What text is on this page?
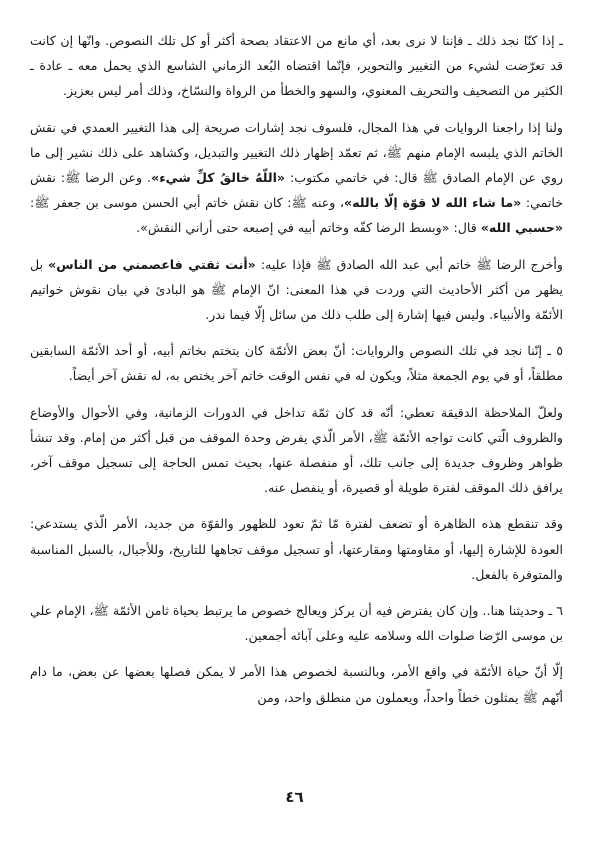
ـ إذا كنّا نجد ذلك ـ فإننا لا نرى بعد، أي مانع من الاعتقاد بصحة أكثر أو كل تلك النصوص. وانّها إن كانت قد تعرّضت لشيء من التغيير والتحوير، فإنّما اقتضاه البُعد الزماني الشاسع الذي يحمل معه ـ عادة ـ الكثير من التصحيف والتحريف المعنوي، والسهو والخطأ من الرواة والنسّاخ، وذلك أمر ليس بعزيز.

ولنا إذا راجعنا الروايات في هذا المجال، فلسوف نجد إشارات صريحة إلى هذا التغيير العمدي في نقش الخاتم الذي يلبسه الإمام منهم ﷺ، ثم تعمّد إظهار ذلك التغيير والتبديل، وكشاهد على ذلك نشير إلى ما روي عن الإمام الصادق ﷺ قال: في خاتمي مكتوب: «اللّهُ خالقُ كلِّ شيء». وعن الرضا ﷺ: نقش خاتمي: «ما شاء الله لا قوّة إلّا بالله»، وعنه ﷺ: كان نقش خاتم أبي الحسن موسى بن جعفر ﷺ: «حسبي الله» قال: «وبسط الرضا كفّه وخاتم أبيه في إصبعه حتى أراني النقش».

وأخرج الرضا ﷺ خاتم أبي عبد الله الصادق ﷺ فإذا عليه: «أنت ثقتي فاعصمني من الناس» بل يظهر من أكثر الأحاديث التي وردت في هذا المعنى: انّ الإمام ﷺ هو البادئ في بيان نقوش خواتيم الأئمّة والأنبياء. وليس فيها إشارة إلى طلب ذلك من سائل إلّا فيما ندر.

٥ ـ إنّنا نجد في تلك النصوص والروايات: أنّ بعض الأئمّة كان يتختم بخاتم أبيه، أو أحد الأئمّة السابقين مطلقاً، أو في يوم الجمعة مثلاً، ويكون له في نفس الوقت خاتم آخر يختص به، له نقش آخر أيضاً.

ولعلّ الملاحظة الدقيقة تعطي: أنّه قد كان ثمّة تداخل في الدورات الزمانية، وفي الأحوال والأوضاع والظروف الّتي كانت تواجه الأئمّة ﷺ، الأمر الّذي يفرض وحدة الموقف من قبل أكثر من إمام. وقد تنشأ ظواهر وظروف جديدة إلى جانب تلك، أو منفصلة عنها، بحيث تمس الحاجة إلى تسجيل موقف آخر، يرافق ذلك الموقف لفترة طويلة أو قصيرة، أو ينفصل عنه.

وقد تنقطع هذه الظاهرة أو تضعف لفترة مّا ثمّ تعود للظهور والقوّة من جديد، الأمر الّذي يستدعي: العودة للإشارة إليها، أو مقاومتها ومقارعتها، أو تسجيل موقف تجاهها للتاريخ، وللأجيال، بالسبل المناسبة والمتوفرة بالفعل.

٦ ـ وحديثنا هنا.. وإن كان يفترض فيه أن يركز ويعالج خصوص ما يرتبط بحياة ثامن الأئمّة ﷺ، الإمام علي بن موسى الرّضا صلوات الله وسلامه عليه وعلى آبائه أجمعين.

إلّا أنّ حياة الأئمّة في واقع الأمر، وبالنسبة لخصوص هذا الأمر لا يمكن فصلها بعضها عن بعض، ما دام أنّهم ﷺ يمثلون خطاً واحداً، ويعملون من منطلق واحد، ومن

٤٦
